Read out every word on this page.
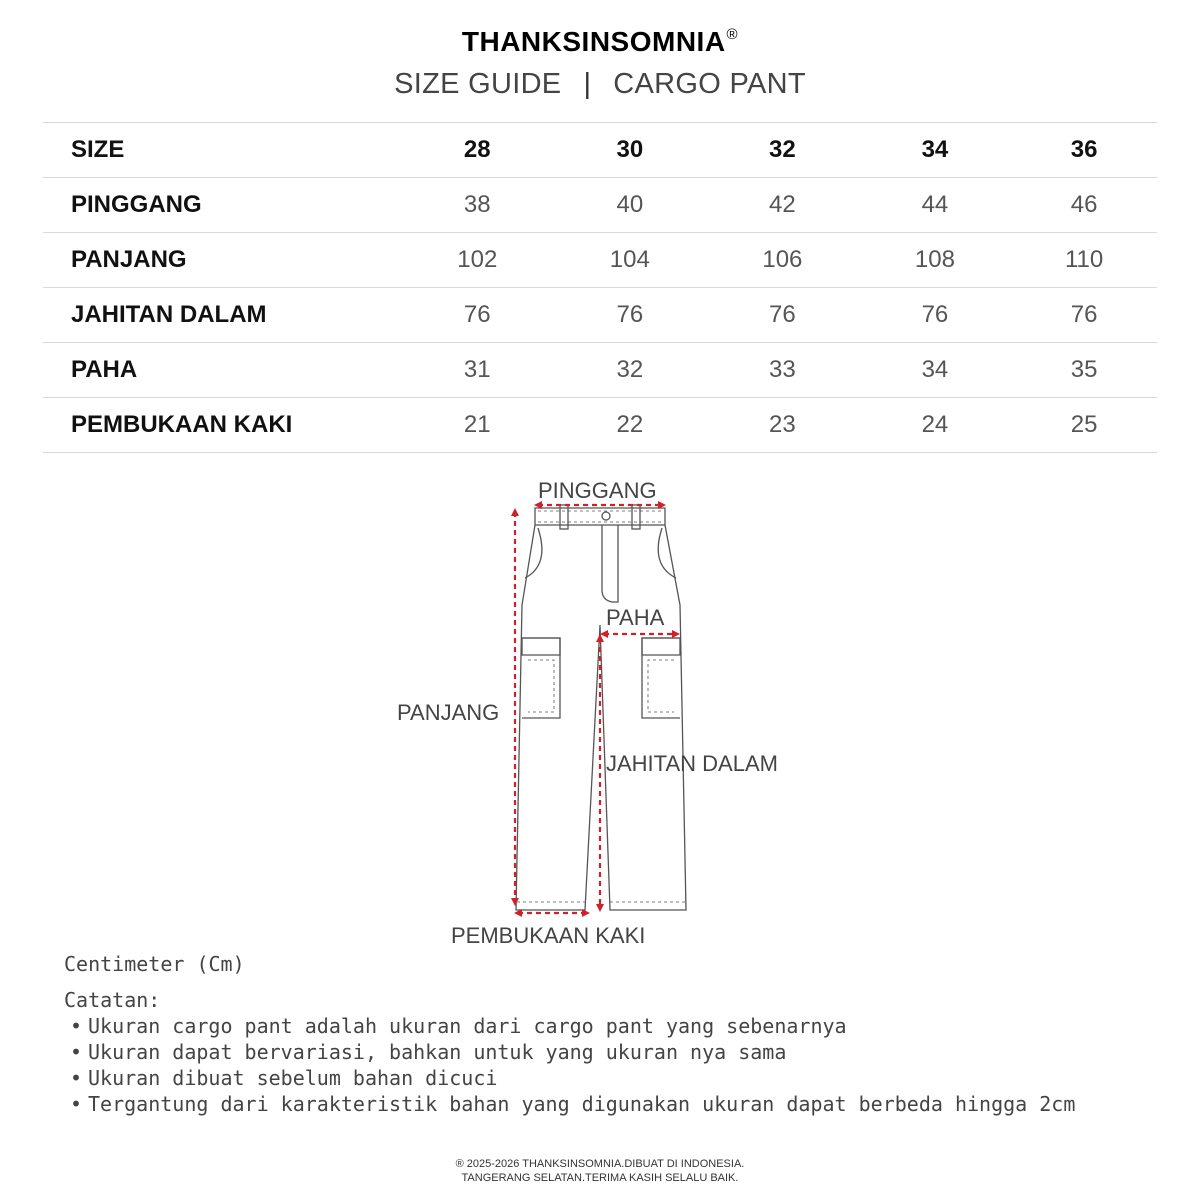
THANKSINSOMNIA®
SIZE GUIDE | CARGO PANT
SIZE	28	30	32	34	36
PINGGANG	38	40	42	44	46
PANJANG	102	104	106	108	110
JAHITAN DALAM	76	76	76	76	76
PAHA	31	32	33	34	35
PEMBUKAAN KAKI	21	22	23	24	25
PINGGANG
PAHA
PANJANG
JAHITAN DALAM
PEMBUKAAN KAKI
Centimeter (Cm)
Catatan:
• Ukuran cargo pant adalah ukuran dari cargo pant yang sebenarnya
• Ukuran dapat bervariasi, bahkan untuk yang ukuran nya sama
• Ukuran dibuat sebelum bahan dicuci
• Tergantung dari karakteristik bahan yang digunakan ukuran dapat berbeda hingga 2cm
® 2025-2026 THANKSINSOMNIA.DIBUAT DI INDONESIA.
TANGERANG SELATAN.TERIMA KASIH SELALU BAIK.
